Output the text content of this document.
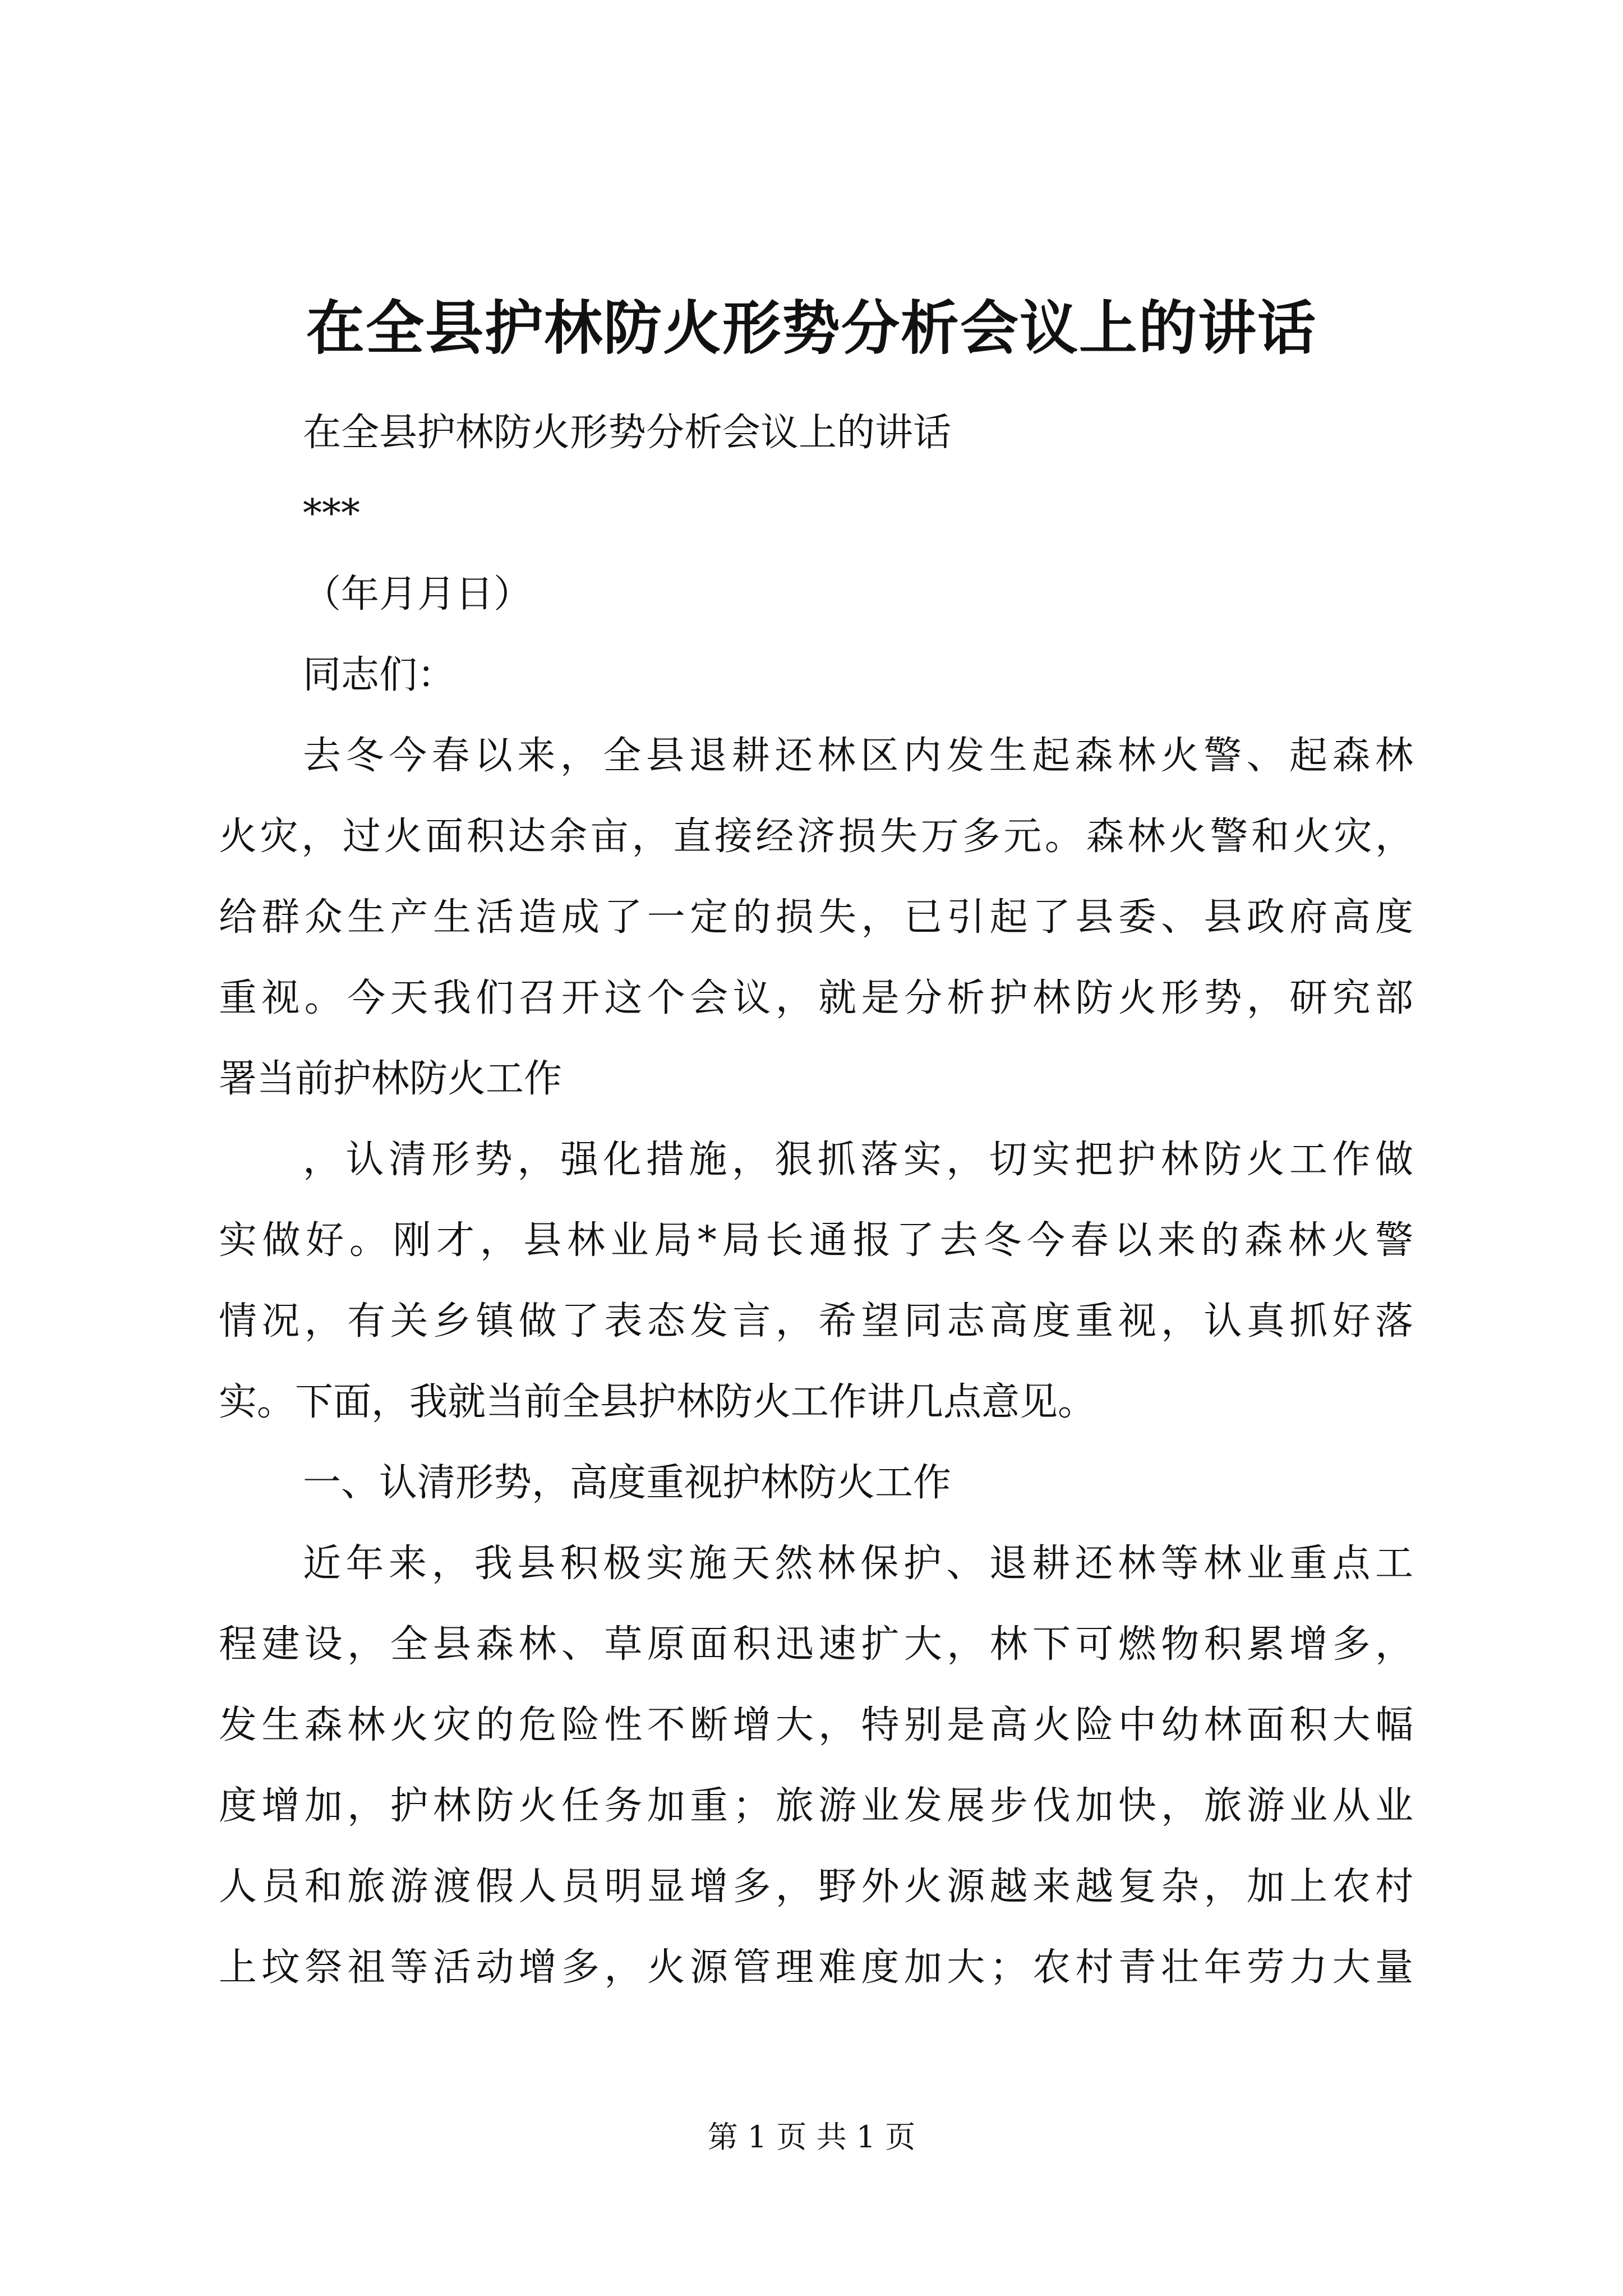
在全县护林防火形势分析会议上的讲话
在全县护林防火形势分析会议上的讲话
***
（年月月日）
同志们：
去冬今春以来，全县退耕还林区内发生起森林火警、起森林
火灾，过火面积达余亩，直接经济损失万多元。森林火警和火灾，
给群众生产生活造成了一定的损失，已引起了县委、县政府高度
重视。今天我们召开这个会议，就是分析护林防火形势，研究部
署当前护林防火工作
，认清形势，强化措施，狠抓落实，切实把护林防火工作做
实做好。刚才，县林业局*局长通报了去冬今春以来的森林火警
情况，有关乡镇做了表态发言，希望同志高度重视，认真抓好落
实。下面，我就当前全县护林防火工作讲几点意见。
一、认清形势，高度重视护林防火工作
近年来，我县积极实施天然林保护、退耕还林等林业重点工
程建设，全县森林、草原面积迅速扩大，林下可燃物积累增多，
发生森林火灾的危险性不断增大，特别是高火险中幼林面积大幅
度增加，护林防火任务加重；旅游业发展步伐加快，旅游业从业
人员和旅游渡假人员明显增多，野外火源越来越复杂，加上农村
上坟祭祖等活动增多，火源管理难度加大；农村青壮年劳力大量
第 1 页 共 1 页
